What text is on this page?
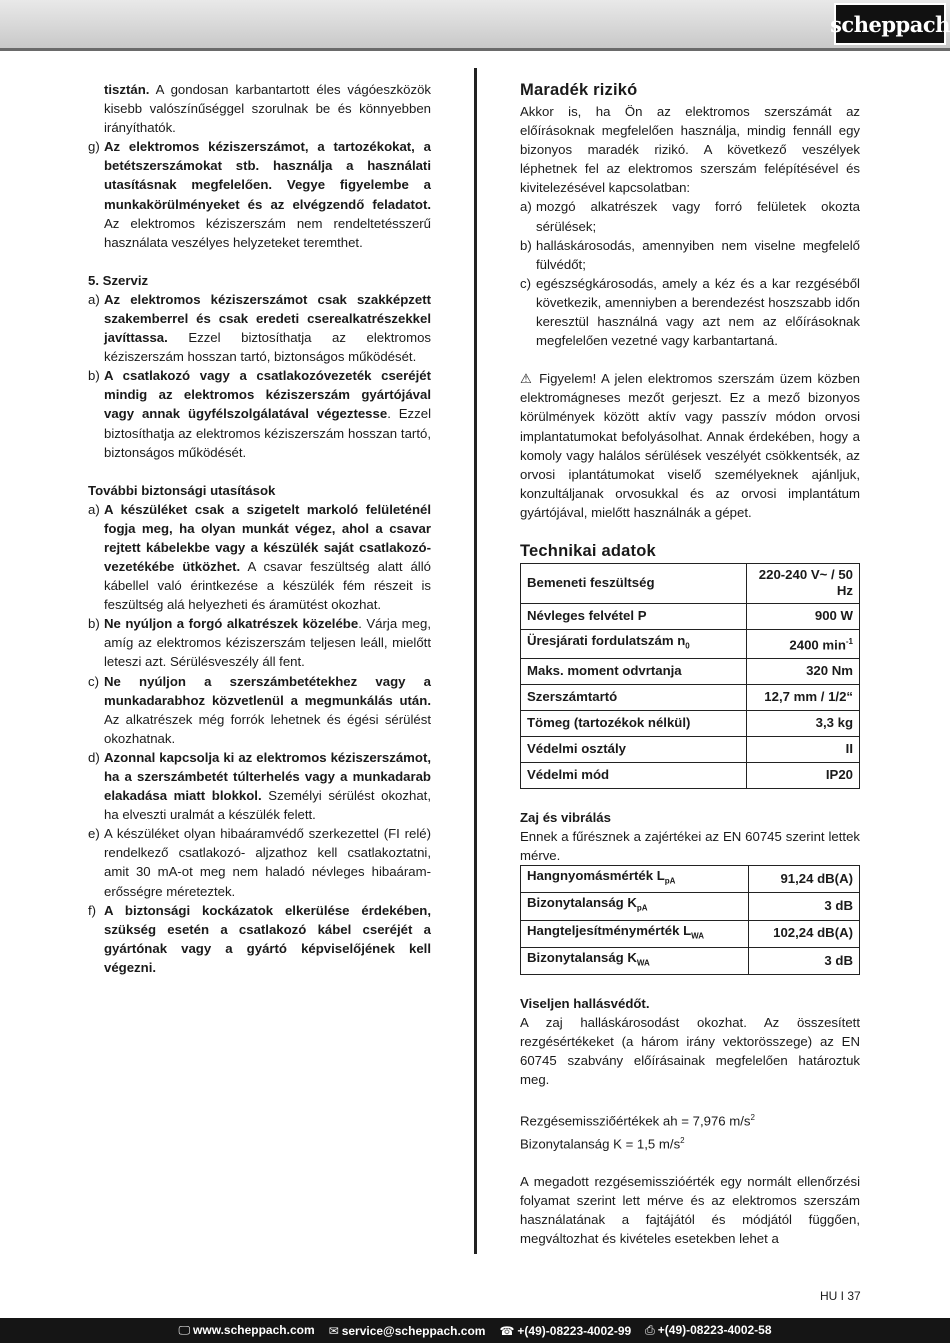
scheppach
tisztán. A gondosan karbantartott éles vágóeszközök kisebb valószínűséggel szorulnak be és könnyebben irányíthatók.
g) Az elektromos kéziszerszámot, a tartozékokat, a betétszerszámokat stb. használja a használati utasításnak megfelelően. Vegye figyelembe a munkakörülményeket és az elvégzendő feladatot. Az elektromos kéziszerszám nem rendeltetésszerű használata veszélyes helyzeteket teremthet.
5. Szerviz
a) Az elektromos kéziszerszámot csak szakképzett szakemberrel és csak eredeti cserealkatrészekkel javíttassa. Ezzel biztosíthatja az elektromos kéziszerszám hosszan tartó, biztonságos működését.
b) A csatlakozó vagy a csatlakozóvezeték cseréjét mindig az elektromos kéziszerszám gyártójával vagy annak ügyfélszolgálatával végeztesse. Ezzel biztosíthatja az elektromos kéziszerszám hosszan tartó, biztonságos működését.
További biztonsági utasítások
a) A készüléket csak a szigetelt markoló felületénél fogja meg, ha olyan munkát végez, ahol a csavar rejtett kábelekbe vagy a készülék saját csatlakozó-vezetékébe ütközhet. A csavar feszültség alatt álló kábellel való érintkezése a készülék fém részeit is feszültség alá helyezheti és áramütést okozhat.
b) Ne nyúljon a forgó alkatrészek közelébe. Várja meg, amíg az elektromos kéziszerszám teljesen leáll, mielőtt leteszi azt. Sérülésveszély áll fent.
c) Ne nyúljon a szerszámbetétekhez vagy a munkadarabhoz közvetlenül a megmunkálás után. Az alkatrészek még forrók lehetnek és égési sérülést okozhatnak.
d) Azonnal kapcsolja ki az elektromos kéziszerszámot, ha a szerszámbetét túlterhelés vagy a munkadarab elakadása miatt blokkol. Személyi sérülést okozhat, ha elveszti uralmát a készülék felett.
e) A készüléket olyan hibaáramvédő szerkezettel (FI relé) rendelkező csatlakozó- aljzathoz kell csatlakoztatni, amit 30 mA-ot meg nem haladó névleges hibaáram-erősségre méreteztek.
f) A biztonsági kockázatok elkerülése érdekében, szükség esetén a csatlakozó kábel cseréjét a gyártónak vagy a gyártó képviselőjének kell végezni.
Maradék rizikó

Akkor is, ha Ön az elektromos szerszámát az előírásoknak megfelelően használja, mindig fennáll egy bizonyos maradék rizikó. A következő veszélyek léphetnek fel az elektromos szerszám felépítésével és kivitelezésével kapcsolatban:

a) mozgó alkatrészek vagy forró felületek okozta sérülések;
b) halláskárosodás, amennyiben nem viselne megfelelő fülvédőt;
c) egészségkárosodás, amely a kéz és a kar rezgéséből következik, amenniyben a berendezést hoszszabb időn keresztül használná vagy azt nem az előírásoknak megfelelően vezetné vagy karbantartaná.

⚠ Figyelem! A jelen elektromos szerszám üzem közben elektromágneses mezőt gerjeszt. Ez a mező bizonyos körülmények között aktív vagy passzív módon orvosi implantatumokat befolyásolhat. Annak érdekében, hogy a komoly vagy halálos sérülések veszélyét csökkentsék, az orvosi iplantátumokat viselő személyeknek ajánljuk, konzultáljanak orvosukkal és az orvosi implantátum gyártójával, mielőtt használnák a gépet.

Technikai adatok
Bemeneti feszültség	220-240 V~ / 50 Hz
Névleges felvétel P	900 W
Üresjárati fordulatszám $n_0$	2400 $\min^{-1}$
Maks. moment odvrtanja	320 Nm
Szerszámtartó	12,7 mm / 1/2“
Tömeg (tartozékok nélkül)	3,3 kg
Védelmi osztály	II
Védelmi mód	IP20
Zaj és vibrálás

Ennek a fűrésznek a zajértékei az EN 60745 szerint lettek mérve.

Hangnyomásmérték $L_{pA}$	91,24 dB(A)
Bizonytalanság $K_{pA}$	3 dB
Hangteljesítménymérték $L_{WA}$	102,24 dB(A)
Bizonytalanság $K_{WA}$	3 dB
Viseljen hallásvédőt.

A zaj halláskárosodást okozhat. Az összesített rezgésértékeket (a három irány vektorösszege) az EN 60745 szabvány előírásainak megfelelően határoztuk meg.

Rezgésemissziőértékek ah = 7,976 $m/s^2$

Bizonytalanság K = 1,5 $m/s^2$

A megadott rezgésemisszióérték egy normált ellenőrzési folyamat szerint lett mérve és az elektromos szerszám használatának a fajtájától és módjától függően, megváltozhat és kivételes esetekben lehet a

HU I 37
🖵 www.scheppach.com ✉ service@scheppach.com ☎ +(49)-08223-4002-99 ⎙ +(49)-08223-4002-58
